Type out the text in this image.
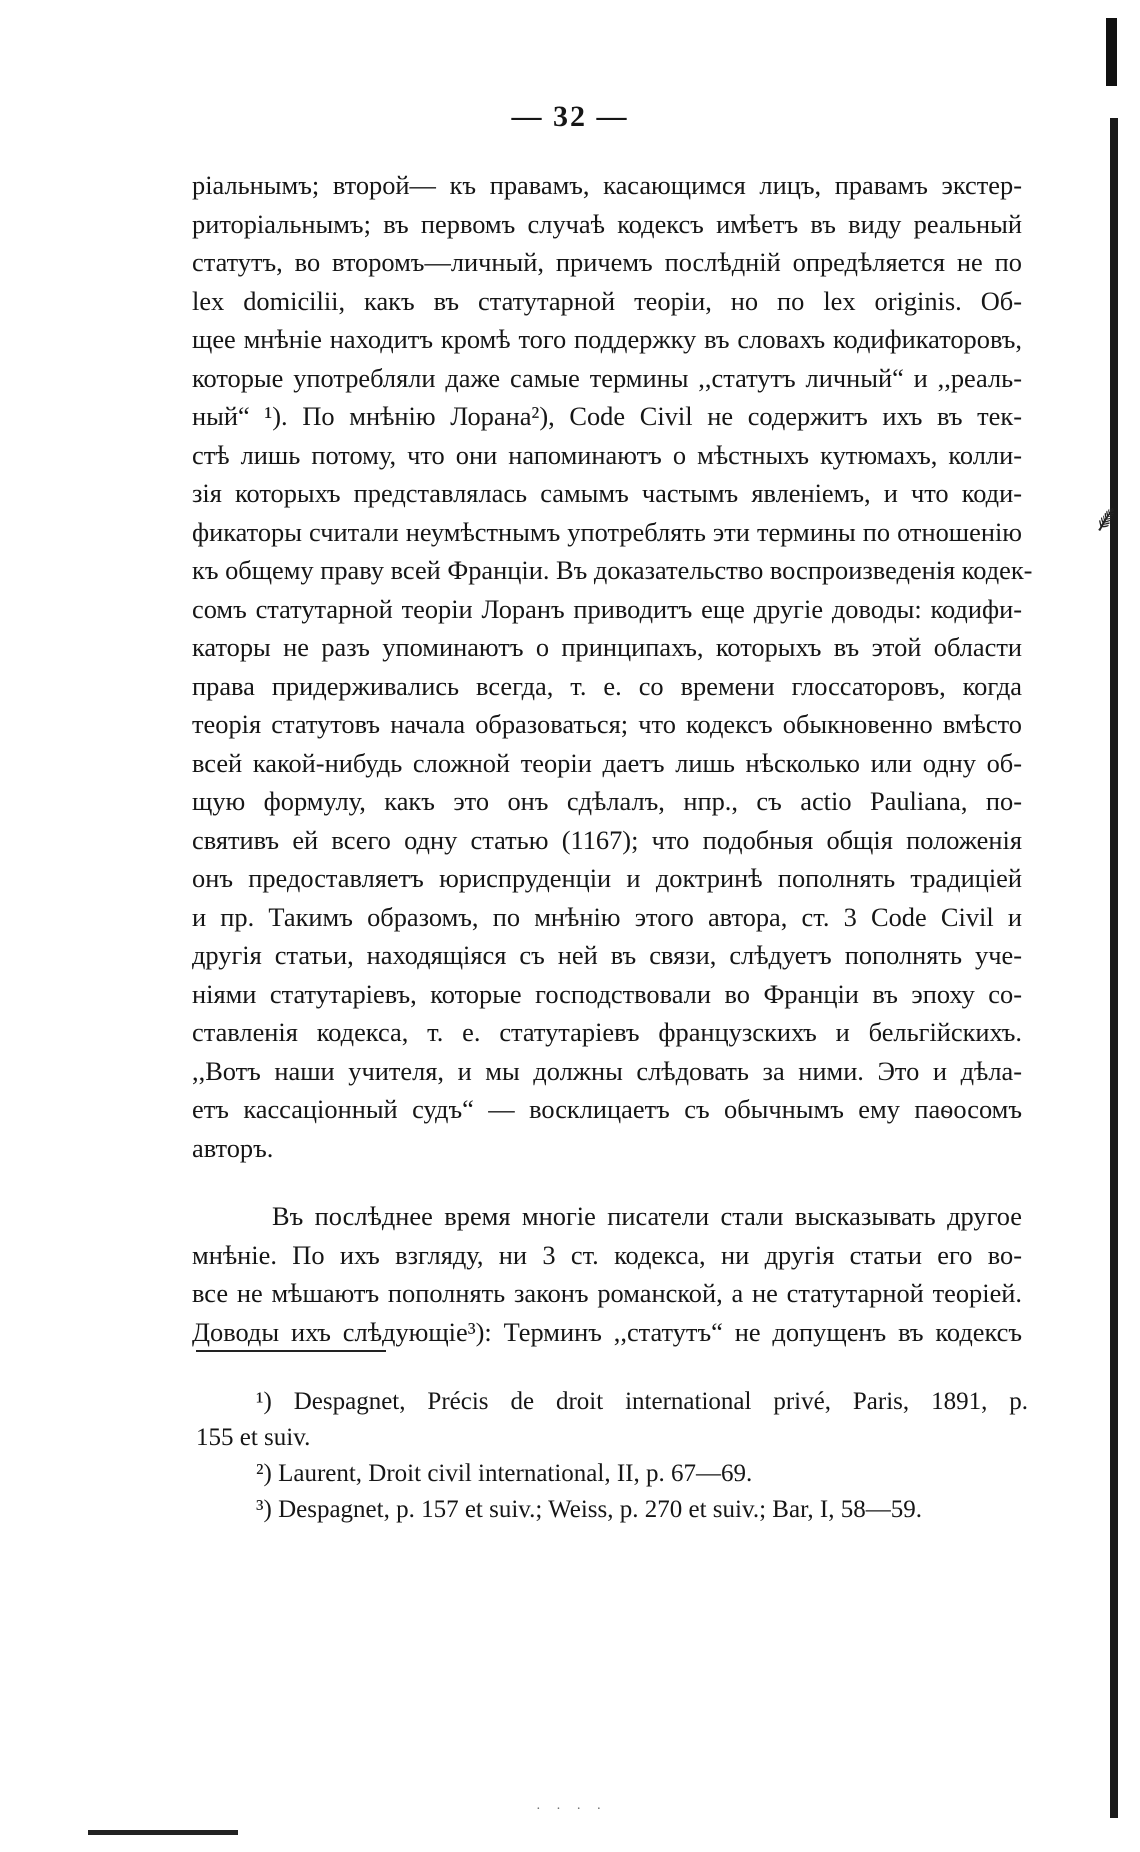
⸙
— 32 —
ріальнымъ; второй— къ правамъ, касающимся лицъ, правамъ экстер-
риторіальнымъ; въ первомъ случаѣ кодексъ имѣетъ въ виду реальный
статутъ, во второмъ—личный, причемъ послѣдній опредѣляется не по
lex domicilii, какъ въ статутарной теоріи, но по lex originis. Об-
щее мнѣніе находитъ кромѣ того поддержку въ словахъ кодификаторовъ,
которые употребляли даже самые термины ,,статутъ личный“ и ,,реаль-
ный“ ¹). По мнѣнію Лорана²), Code Civil не содержитъ ихъ въ тек-
стѣ лишь потому, что они напоминаютъ о мѣстныхъ кутюмахъ, колли-
зія которыхъ представлялась самымъ частымъ явленіемъ, и что коди-
фикаторы считали неумѣстнымъ употреблять эти термины по отношенію
къ общему праву всей Франціи. Въ доказательство воспроизведенія кодек-
сомъ статутарной теоріи Лоранъ приводитъ еще другіе доводы: кодифи-
каторы не разъ упоминаютъ о принципахъ, которыхъ въ этой области
права придерживались всегда, т. е. со времени глоссаторовъ, когда
теорія статутовъ начала образоваться; что кодексъ обыкновенно вмѣсто
всей какой-нибудь сложной теоріи даетъ лишь нѣсколько или одну об-
щую формулу, какъ это онъ сдѣлалъ, нпр., съ actio Pauliana, по-
святивъ ей всего одну статью (1167); что подобныя общія положенія
онъ предоставляетъ юриспруденціи и доктринѣ пополнять традиціей
и пр. Такимъ образомъ, по мнѣнію этого автора, ст. 3 Code Civil и
другія статьи, находящіяся съ ней въ связи, слѣдуетъ пополнять уче-
ніями статутаріевъ, которые господствовали во Франціи въ эпоху со-
ставленія кодекса, т. е. статутаріевъ французскихъ и бельгійскихъ.
,,Вотъ наши учителя, и мы должны слѣдовать за ними. Это и дѣла-
етъ кассаціонный судъ“ — восклицаетъ съ обычнымъ ему паѳосомъ
авторъ.
Въ послѣднее время многіе писатели стали высказывать другое
мнѣніе. По ихъ взгляду, ни 3 ст. кодекса, ни другія статьи его во-
все не мѣшаютъ пополнять законъ романской, а не статутарной теоріей.
Доводы ихъ слѣдующіе³): Терминъ ,,статутъ“ не допущенъ въ кодексъ
¹) Despagnet, Précis de droit international privé, Paris, 1891, p.
155 et suiv.
²) Laurent, Droit civil international, II, p. 67—69.
³) Despagnet, p. 157 et suiv.; Weiss, p. 270 et suiv.; Bar, I, 58—59.
· · · ·
